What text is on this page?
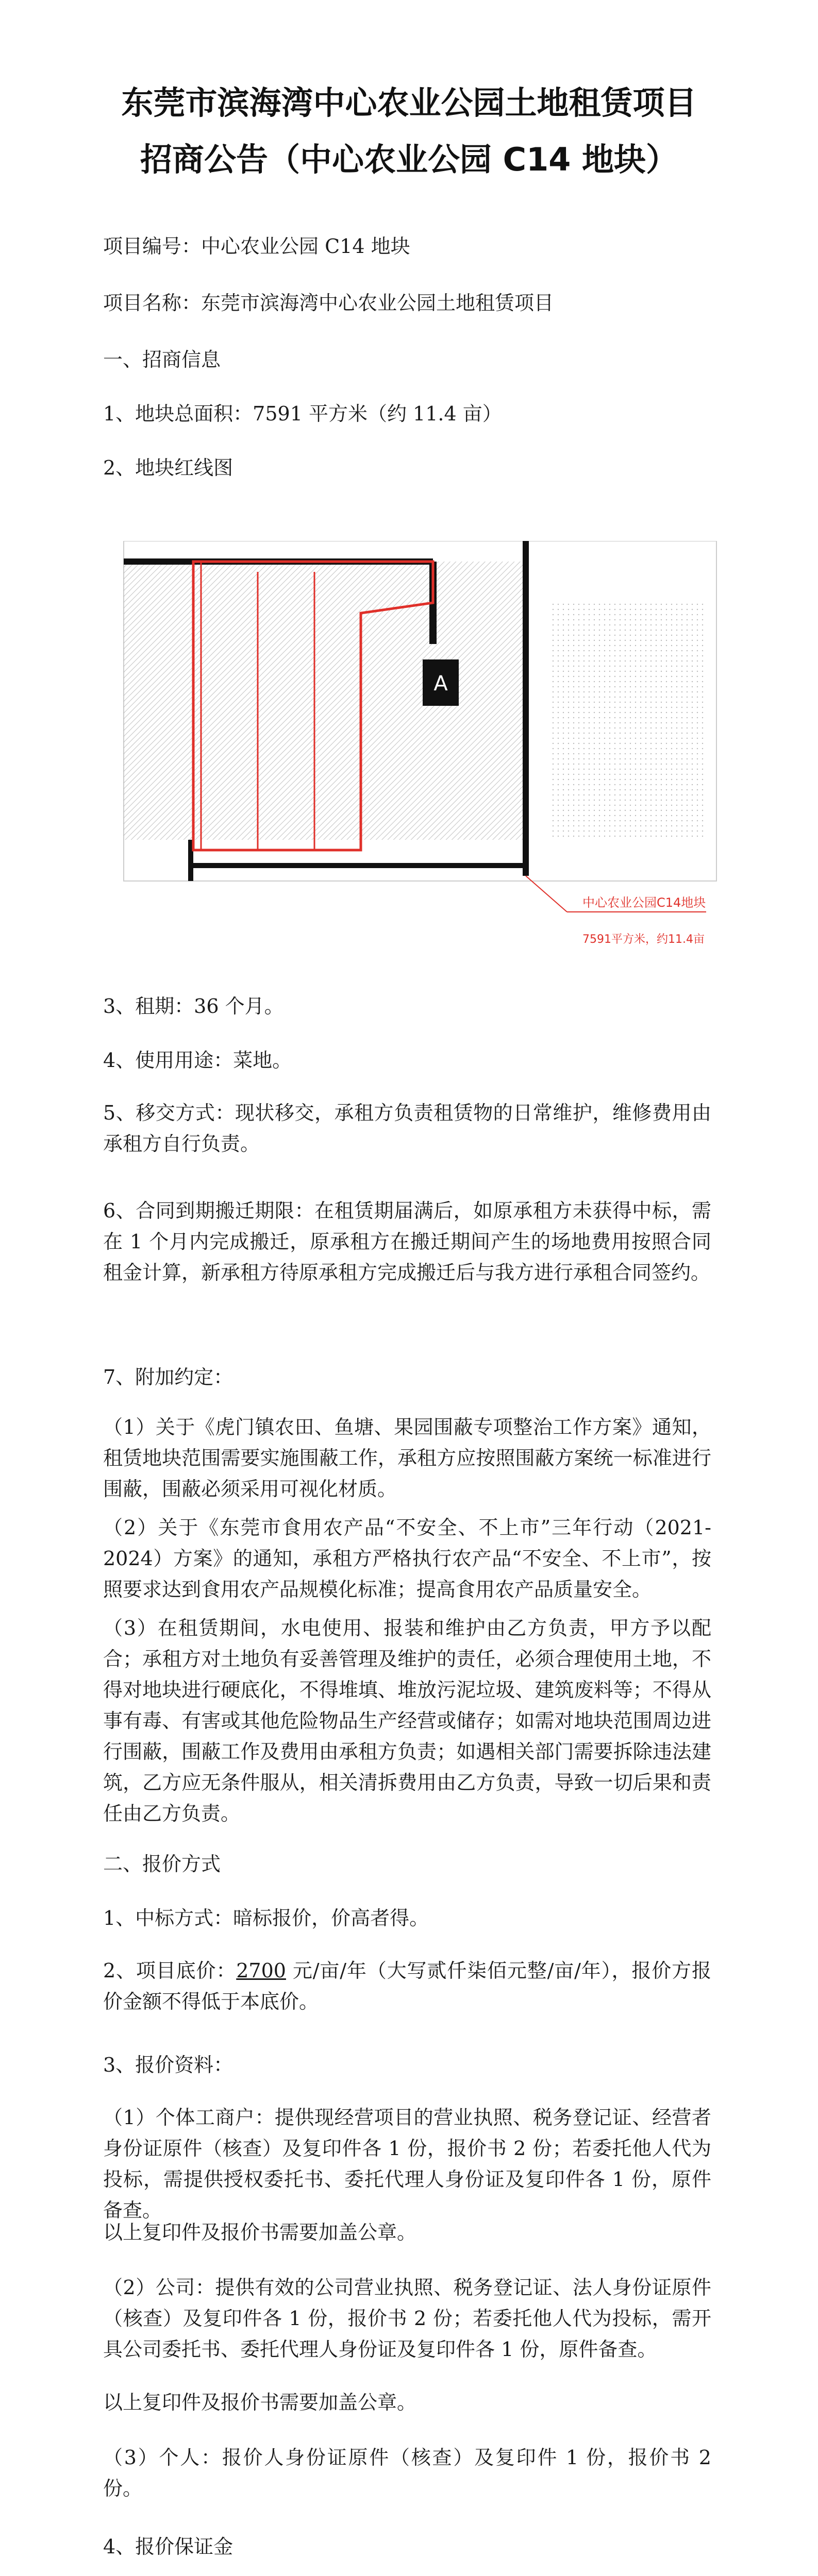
东莞市滨海湾中心农业公园土地租赁项目
招商公告（中心农业公园 C14 地块）
项目编号：中心农业公园 C14 地块
项目名称：东莞市滨海湾中心农业公园土地租赁项目
一、招商信息
1、地块总面积：7591 平方米（约 11.4 亩）
2、地块红线图
A
中心农业公园C14地块
7591平方米，约11.4亩
3、租期：36 个月。
4、使用用途：菜地。
5、移交方式：现状移交，承租方负责租赁物的日常维护，维修费用由承租方自行负责。
6、合同到期搬迁期限：在租赁期届满后，如原承租方未获得中标，需在 1 个月内完成搬迁，原承租方在搬迁期间产生的场地费用按照合同租金计算，新承租方待原承租方完成搬迁后与我方进行承租合同签约。
7、附加约定：
（1）关于《虎门镇农田、鱼塘、果园围蔽专项整治工作方案》通知，租赁地块范围需要实施围蔽工作，承租方应按照围蔽方案统一标准进行围蔽，围蔽必须采用可视化材质。
（2）关于《东莞市食用农产品“不安全、不上市”三年行动（2021-2024）方案》的通知，承租方严格执行农产品“不安全、不上市”，按照要求达到食用农产品规模化标准；提高食用农产品质量安全。
（3）在租赁期间，水电使用、报装和维护由乙方负责，甲方予以配合；承租方对土地负有妥善管理及维护的责任，必须合理使用土地，不得对地块进行硬底化，不得堆填、堆放污泥垃圾、建筑废料等；不得从事有毒、有害或其他危险物品生产经营或储存；如需对地块范围周边进行围蔽，围蔽工作及费用由承租方负责；如遇相关部门需要拆除违法建筑，乙方应无条件服从，相关清拆费用由乙方负责，导致一切后果和责任由乙方负责。
二、报价方式
1、中标方式：暗标报价，价高者得。
2、项目底价：2700 元/亩/年（大写贰仟柒佰元整/亩/年），报价方报价金额不得低于本底价。
3、报价资料：
（1）个体工商户：提供现经营项目的营业执照、税务登记证、经营者身份证原件（核查）及复印件各 1 份，报价书 2 份；若委托他人代为投标，需提供授权委托书、委托代理人身份证及复印件各 1 份，原件备查。
以上复印件及报价书需要加盖公章。
（2）公司：提供有效的公司营业执照、税务登记证、法人身份证原件（核查）及复印件各 1 份，报价书 2 份；若委托他人代为投标，需开具公司委托书、委托代理人身份证及复印件各 1 份，原件备查。
以上复印件及报价书需要加盖公章。
（3）个人：报价人身份证原件（核查）及复印件 1 份，报价书 2 份。
4、报价保证金
